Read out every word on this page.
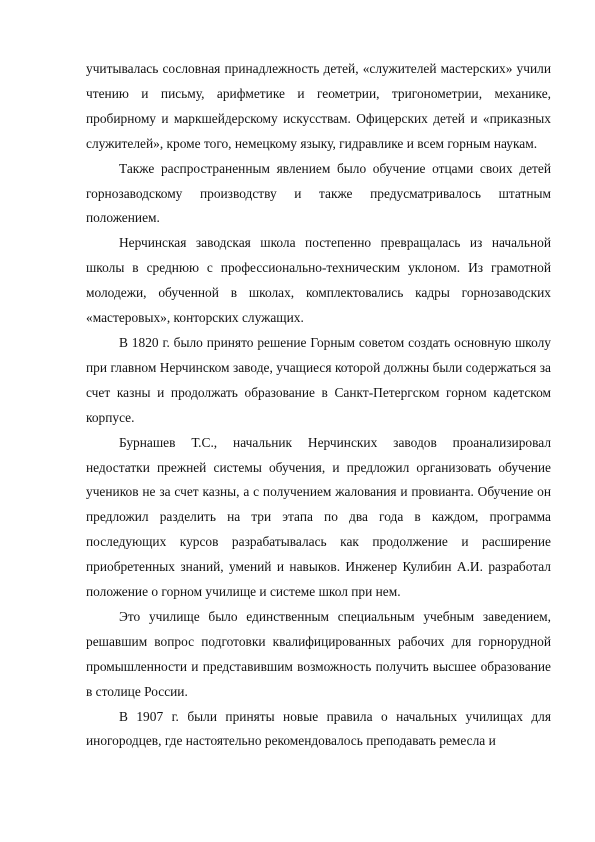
учитывалась сословная принадлежность детей, «служителей мастерских» учили чтению и письму, арифметике и геометрии, тригонометрии, механике, пробирному и маркшейдерскому искусствам. Офицерских детей и «приказных служителей», кроме того, немецкому языку, гидравлике и всем горным наукам.

Также распространенным явлением было обучение отцами своих детей горнозаводскому производству и также предусматривалось штатным положением.

Нерчинская заводская школа постепенно превращалась из начальной школы в среднюю с профессионально-техническим уклоном. Из грамотной молодежи, обученной в школах, комплектовались кадры горнозаводских «мастеровых», конторских служащих.

В 1820 г. было принято решение Горным советом создать основную школу при главном Нерчинском заводе, учащиеся которой должны были содержаться за счет казны и продолжать образование в Санкт-Петергском горном кадетском корпусе.

Бурнашев Т.С., начальник Нерчинских заводов проанализировал недостатки прежней системы обучения, и предложил организовать обучение учеников не за счет казны, а с получением жалования и провианта. Обучение он предложил разделить на три этапа по два года в каждом, программа последующих курсов разрабатывалась как продолжение и расширение приобретенных знаний, умений и навыков. Инженер Кулибин А.И. разработал положение о горном училище и системе школ при нем.

Это училище было единственным специальным учебным заведением, решавшим вопрос подготовки квалифицированных рабочих для горнорудной промышленности и представившим возможность получить высшее образование в столице России.

В 1907 г. были приняты новые правила о начальных училищах для иногородцев, где настоятельно рекомендовалось преподавать ремесла и
